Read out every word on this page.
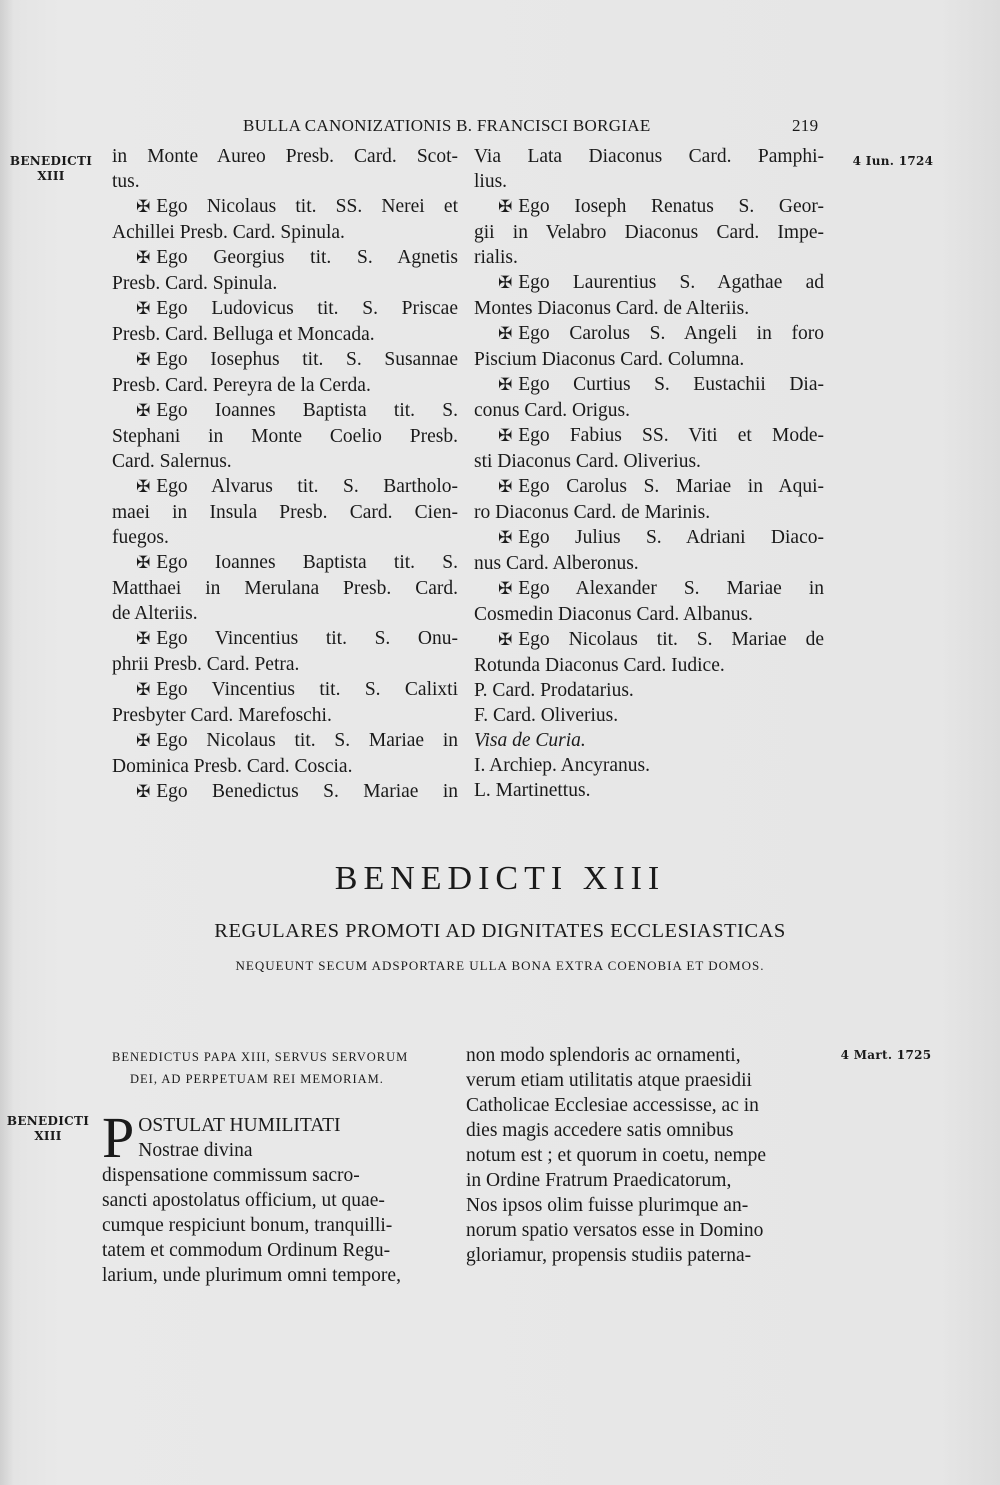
BULLA CANONIZATIONIS B. FRANCISCI BORGIAE	219
BENEDICTI
XIII
4 Iun. 1724
4 Mart. 1725
BENEDICTI
XIII
in Monte Aureo Presb. Card. Scot-
tus.
✠ Ego Nicolaus tit. SS. Nerei et
Achillei Presb. Card. Spinula.
✠ Ego Georgius tit. S. Agnetis
Presb. Card. Spinula.
✠ Ego Ludovicus tit. S. Priscae
Presb. Card. Belluga et Moncada.
✠ Ego Iosephus tit. S. Susannae
Presb. Card. Pereyra de la Cerda.
✠ Ego Ioannes Baptista tit. S.
Stephani in Monte Coelio Presb.
Card. Salernus.
✠ Ego Alvarus tit. S. Bartholo-
maei in Insula Presb. Card. Cien-
fuegos.
✠ Ego Ioannes Baptista tit. S.
Matthaei in Merulana Presb. Card.
de Alteriis.
✠ Ego Vincentius tit. S. Onu-
phrii Presb. Card. Petra.
✠ Ego Vincentius tit. S. Calixti
Presbyter Card. Marefoschi.
✠ Ego Nicolaus tit. S. Mariae in
Dominica Presb. Card. Coscia.
✠ Ego Benedictus S. Mariae in
Via Lata Diaconus Card. Pamphi-
lius.
✠ Ego Ioseph Renatus S. Geor-
gii in Velabro Diaconus Card. Impe-
rialis.
✠ Ego Laurentius S. Agathae ad
Montes Diaconus Card. de Alteriis.
✠ Ego Carolus S. Angeli in foro
Piscium Diaconus Card. Columna.
✠ Ego Curtius S. Eustachii Dia-
conus Card. Origus.
✠ Ego Fabius SS. Viti et Mode-
sti Diaconus Card. Oliverius.
✠ Ego Carolus S. Mariae in Aqui-
ro Diaconus Card. de Marinis.
✠ Ego Julius S. Adriani Diaco-
nus Card. Alberonus.
✠ Ego Alexander S. Mariae in
Cosmedin Diaconus Card. Albanus.
✠ Ego Nicolaus tit. S. Mariae de
Rotunda Diaconus Card. Iudice.
P. Card. Prodatarius.
F. Card. Oliverius.
Visa de Curia.
I. Archiep. Ancyranus.
L. Martinettus.
BENEDICTI XIII
REGULARES PROMOTI AD DIGNITATES ECCLESIASTICAS
NEQUEUNT SECUM ADSPORTARE ULLA BONA EXTRA COENOBIA ET DOMOS.
BENEDICTUS PAPA XIII, SERVUS SERVORUM
DEI, AD PERPETUAM REI MEMORIAM.
P OSTULAT HUMILITATI
Nostrae divina
dispensatione commissum sacro-
sancti apostolatus officium, ut quae-
cumque respiciunt bonum, tranquilli-
tatem et commodum Ordinum Regu-
larium, unde plurimum omni tempore,
non modo splendoris ac ornamenti,
verum etiam utilitatis atque praesidii
Catholicae Ecclesiae accessisse, ac in
dies magis accedere satis omnibus
notum est ; et quorum in coetu, nempe
in Ordine Fratrum Praedicatorum,
Nos ipsos olim fuisse plurimque an-
norum spatio versatos esse in Domino
gloriamur, propensis studiis paterna-
